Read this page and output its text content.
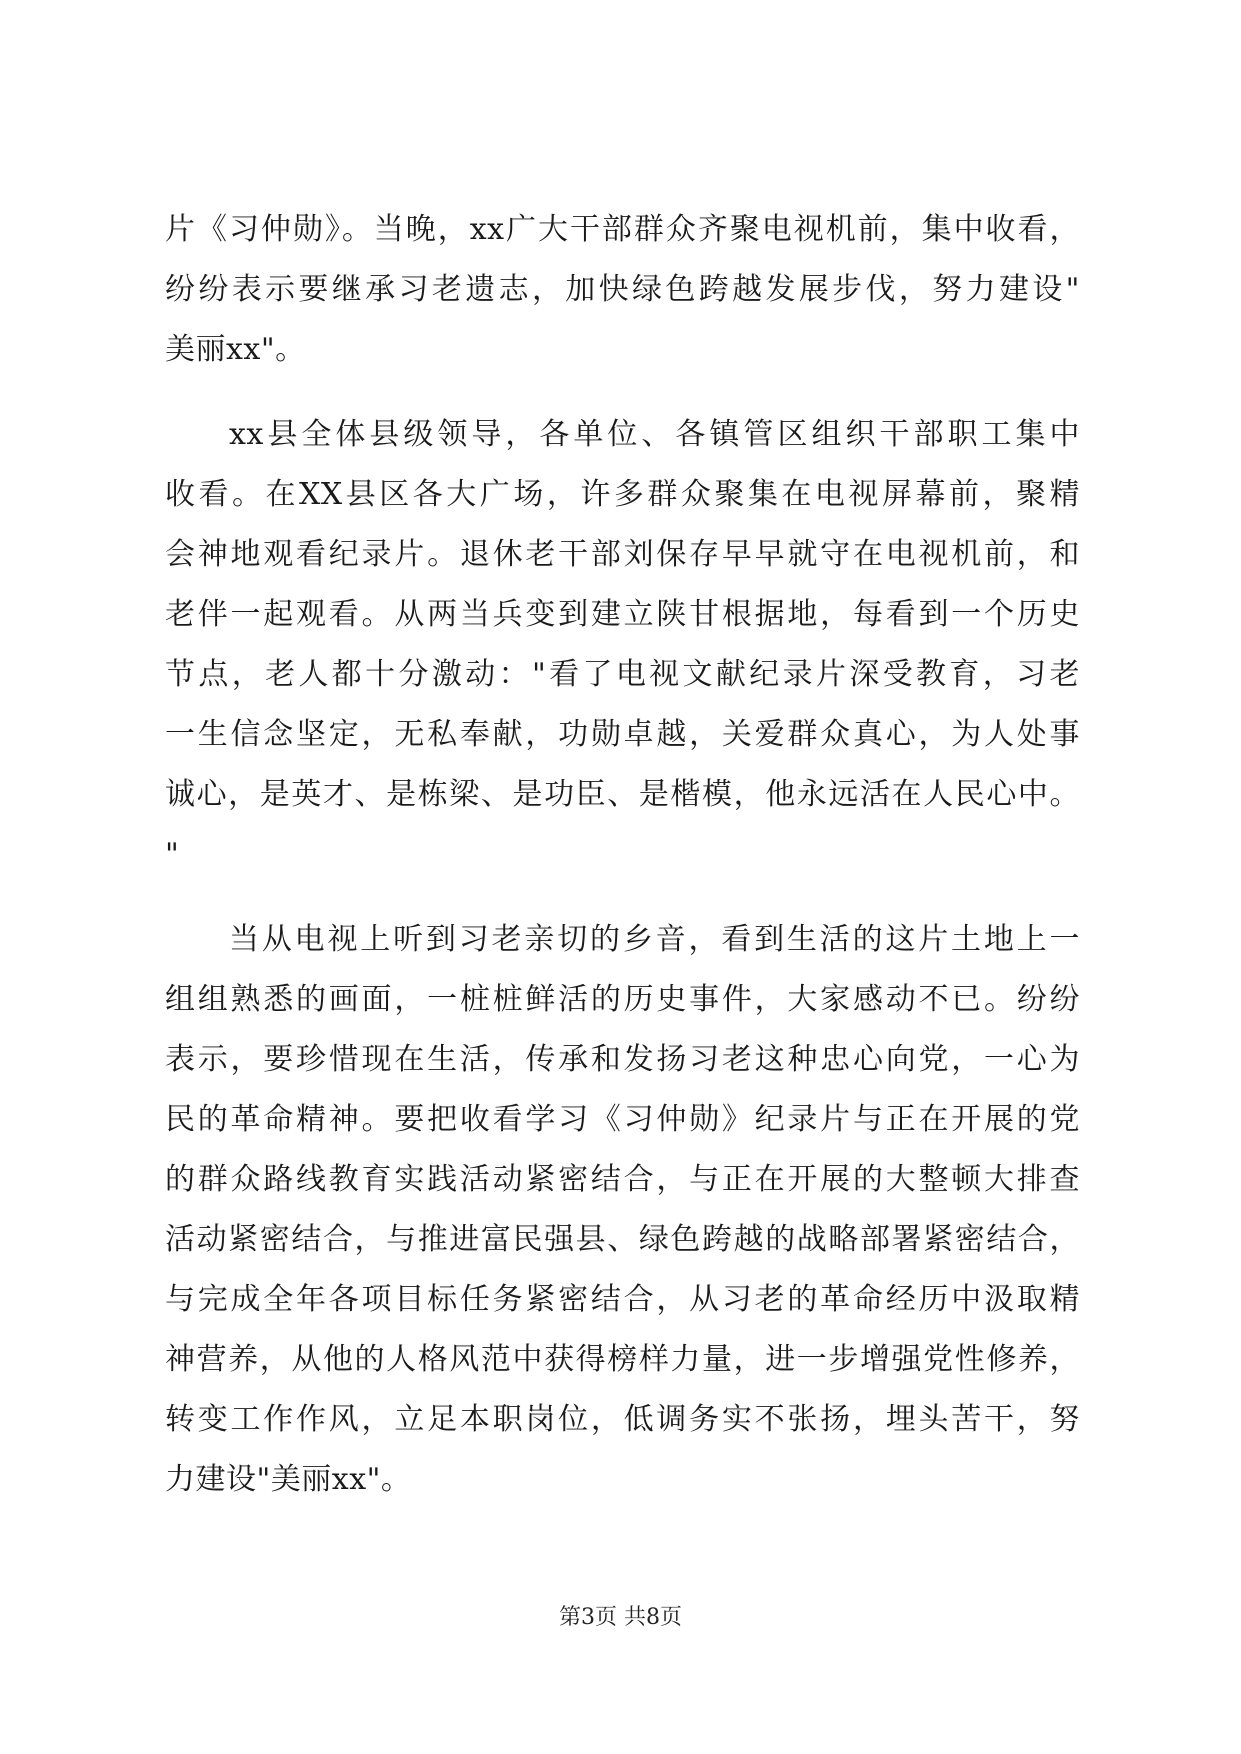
片《习仲勋》。当晚，xx广大干部群众齐聚电视机前，集中收看，
纷纷表示要继承习老遗志，加快绿色跨越发展步伐，努力建设"
美丽xx"。
xx县全体县级领导，各单位、各镇管区组织干部职工集中
收看。在XX县区各大广场，许多群众聚集在电视屏幕前，聚精
会神地观看纪录片。退休老干部刘保存早早就守在电视机前，和
老伴一起观看。从两当兵变到建立陕甘根据地，每看到一个历史
节点，老人都十分激动："看了电视文献纪录片深受教育，习老
一生信念坚定，无私奉献，功勋卓越，关爱群众真心，为人处事
诚心，是英才、是栋梁、是功臣、是楷模，他永远活在人民心中。
"
当从电视上听到习老亲切的乡音，看到生活的这片土地上一
组组熟悉的画面，一桩桩鲜活的历史事件，大家感动不已。纷纷
表示，要珍惜现在生活，传承和发扬习老这种忠心向党，一心为
民的革命精神。要把收看学习《习仲勋》纪录片与正在开展的党
的群众路线教育实践活动紧密结合，与正在开展的大整顿大排查
活动紧密结合，与推进富民强县、绿色跨越的战略部署紧密结合，
与完成全年各项目标任务紧密结合，从习老的革命经历中汲取精
神营养，从他的人格风范中获得榜样力量，进一步增强党性修养，
转变工作作风，立足本职岗位，低调务实不张扬，埋头苦干，努
力建设"美丽xx"。
第3页 共8页
